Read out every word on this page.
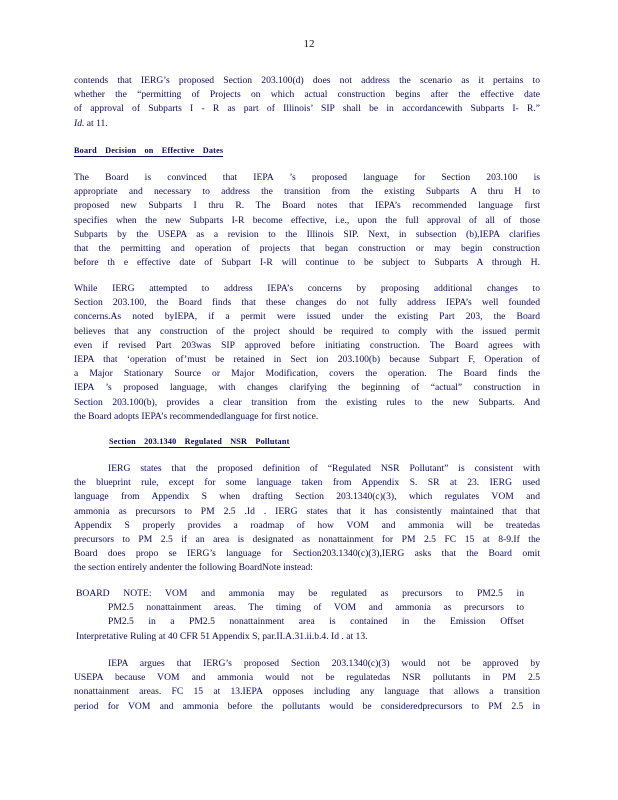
12
contends that IERG’s proposed Section 203.100(d) does not address the scenario as it pertains to
whether the “permitting of Projects on which actual construction begins after the effective date
of approval of Subparts I - R as part of Illinois’ SIP shall be in accordancewith Subparts I- R.”
Id. at 11.
Board Decision on Effective Dates
The Board is convinced that IEPA ’s proposed language for Section 203.100 is
appropriate and necessary to address the transition from the existing Subparts A thru H to
proposed new Subparts I thru R. The Board notes that IEPA’s recommended language first
specifies when the new Subparts I-R become effective, i.e., upon the full approval of all of those
Subparts by the USEPA as a revision to the Illinois SIP. Next, in subsection (b),IEPA clarifies
that the permitting and operation of projects that began construction or may begin construction
before th e effective date of Subpart I-R will continue to be subject to Subparts A through H.
While IERG attempted to address IEPA’s concerns by proposing additional changes to
Section 203.100, the Board finds that these changes do not fully address IEPA’s well founded
concerns.As noted byIEPA, if a permit were issued under the existing Part 203, the Board
believes that any construction of the project should be required to comply with the issued permit
even if revised Part 203was SIP approved before initiating construction. The Board agrees with
IEPA that ‘operation of’must be retained in Sect ion 203.100(b) because Subpart F, Operation of
a Major Stationary Source or Major Modification, covers the operation. The Board finds the
IEPA ’s proposed language, with changes clarifying the beginning of “actual” construction in
Section 203.100(b), provides a clear transition from the existing rules to the new Subparts. And
the Board adopts IEPA’s recommendedlanguage for first notice.
Section 203.1340 Regulated NSR Pollutant
IERG states that the proposed definition of “Regulated NSR Pollutant” is consistent with
the blueprint rule, except for some language taken from Appendix S. SR at 23. IERG used
language from Appendix S when drafting Section 203.1340(c)(3), which regulates VOM and
ammonia as precursors to PM 2.5 .Id . IERG states that it has consistently maintained that that
Appendix S properly provides a roadmap of how VOM and ammonia will be treatedas
precursors to PM 2.5 if an area is designated as nonattainment for PM 2.5 FC 15 at 8-9.If the
Board does propo se IERG’s language for Section203.1340(c)(3),IERG asks that the Board omit
the section entirely andenter the following BoardNote instead:
BOARD NOTE: VOM and ammonia may be regulated as precursors to PM2.5 in
PM2.5 nonattainment areas. The timing of VOM and ammonia as precursors to
PM2.5 in a PM2.5 nonattainment area is contained in the Emission Offset
Interpretative Ruling at 40 CFR 51 Appendix S, par.II.A.31.ii.b.4. Id . at 13.
IEPA argues that IERG’s proposed Section 203.1340(c)(3) would not be approved by
USEPA because VOM and ammonia would not be regulatedas NSR pollutants in PM 2.5
nonattainment areas. FC 15 at 13.IEPA opposes including any language that allows a transition
period for VOM and ammonia before the pollutants would be consideredprecursors to PM 2.5 in
